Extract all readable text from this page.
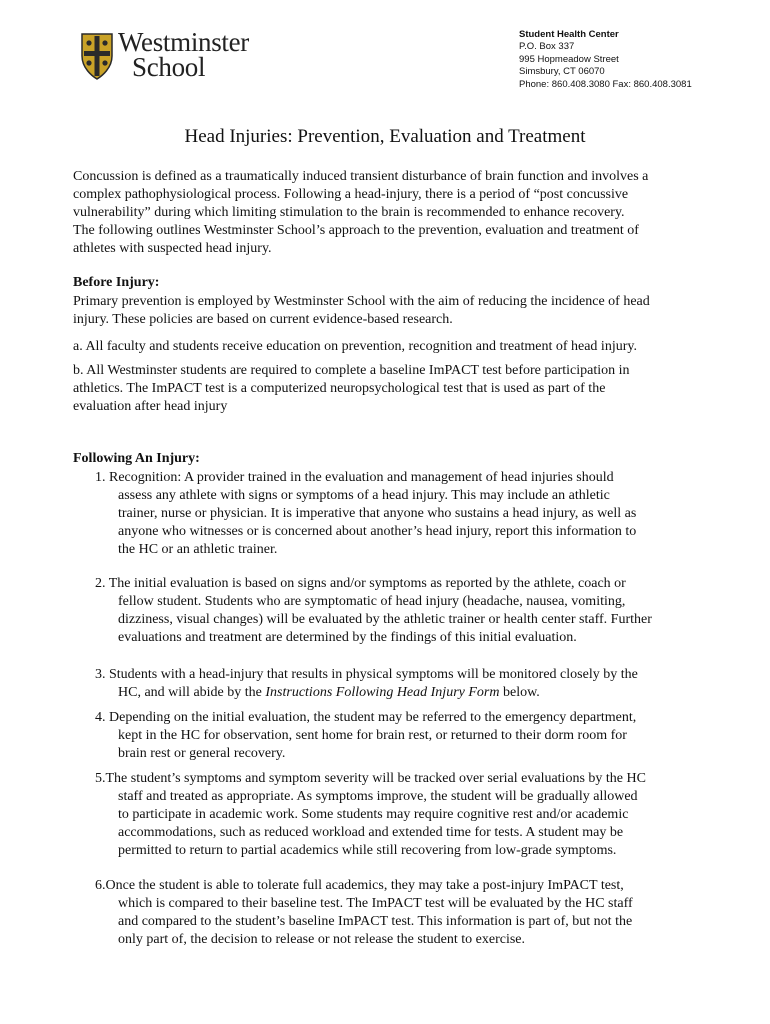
Westminster
School
Student Health Center
P.O. Box 337
995 Hopmeadow Street
Simsbury, CT 06070
Phone: 860.408.3080 Fax: 860.408.3081
Head Injuries: Prevention, Evaluation and Treatment
Concussion is defined as a traumatically induced transient disturbance of brain function and involves a
complex pathophysiological process. Following a head-injury, there is a period of “post concussive
vulnerability” during which limiting stimulation to the brain is recommended to enhance recovery.
The following outlines Westminster School’s approach to the prevention, evaluation and treatment of
athletes with suspected head injury.
Before Injury:
Primary prevention is employed by Westminster School with the aim of reducing the incidence of head
injury. These policies are based on current evidence-based research.
a. All faculty and students receive education on prevention, recognition and treatment of head injury.
b. All Westminster students are required to complete a baseline ImPACT test before participation in
athletics. The ImPACT test is a computerized neuropsychological test that is used as part of the
evaluation after head injury
Following An Injury:
1. Recognition: A provider trained in the evaluation and management of head injuries should
assess any athlete with signs or symptoms of a head injury. This may include an athletic
trainer, nurse or physician. It is imperative that anyone who sustains a head injury, as well as
anyone who witnesses or is concerned about another’s head injury, report this information to
the HC or an athletic trainer.
2. The initial evaluation is based on signs and/or symptoms as reported by the athlete, coach or
fellow student. Students who are symptomatic of head injury (headache, nausea, vomiting,
dizziness, visual changes) will be evaluated by the athletic trainer or health center staff. Further
evaluations and treatment are determined by the findings of this initial evaluation.
3. Students with a head-injury that results in physical symptoms will be monitored closely by the
HC, and will abide by the Instructions Following Head Injury Form below.
4. Depending on the initial evaluation, the student may be referred to the emergency department,
kept in the HC for observation, sent home for brain rest, or returned to their dorm room for
brain rest or general recovery.
5.The student’s symptoms and symptom severity will be tracked over serial evaluations by the HC
staff and treated as appropriate. As symptoms improve, the student will be gradually allowed
to participate in academic work. Some students may require cognitive rest and/or academic
accommodations, such as reduced workload and extended time for tests. A student may be
permitted to return to partial academics while still recovering from low-grade symptoms.
6.Once the student is able to tolerate full academics, they may take a post-injury ImPACT test,
which is compared to their baseline test. The ImPACT test will be evaluated by the HC staff
and compared to the student’s baseline ImPACT test. This information is part of, but not the
only part of, the decision to release or not release the student to exercise.
